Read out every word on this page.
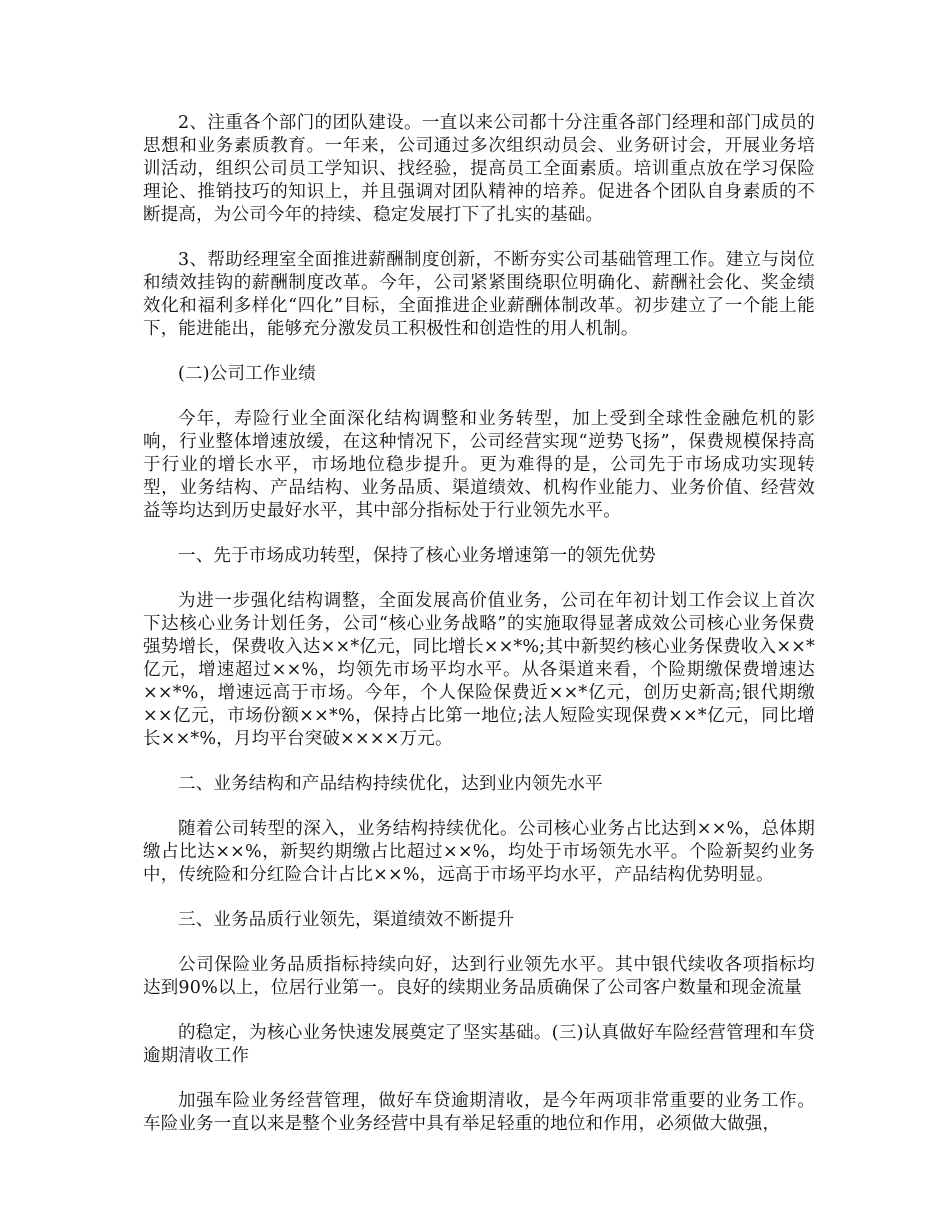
2、注重各个部门的团队建设。一直以来公司都十分注重各部门经理和部门成员的思想和业务素质教育。一年来，公司通过多次组织动员会、业务研讨会，开展业务培训活动，组织公司员工学知识、找经验，提高员工全面素质。培训重点放在学习保险理论、推销技巧的知识上，并且强调对团队精神的培养。促进各个团队自身素质的不断提高，为公司今年的持续、稳定发展打下了扎实的基础。

3、帮助经理室全面推进薪酬制度创新，不断夯实公司基础管理工作。建立与岗位和绩效挂钩的薪酬制度改革。今年，公司紧紧围绕职位明确化、薪酬社会化、奖金绩效化和福利多样化“四化”目标，全面推进企业薪酬体制改革。初步建立了一个能上能下，能进能出，能够充分激发员工积极性和创造性的用人机制。

(二)公司工作业绩

今年，寿险行业全面深化结构调整和业务转型，加上受到全球性金融危机的影响，行业整体增速放缓，在这种情况下，公司经营实现“逆势飞扬”，保费规模保持高于行业的增长水平，市场地位稳步提升。更为难得的是，公司先于市场成功实现转型，业务结构、产品结构、业务品质、渠道绩效、机构作业能力、业务价值、经营效益等均达到历史最好水平，其中部分指标处于行业领先水平。

一、先于市场成功转型，保持了核心业务增速第一的领先优势

为进一步强化结构调整，全面发展高价值业务，公司在年初计划工作会议上首次下达核心业务计划任务，公司“核心业务战略”的实施取得显著成效公司核心业务保费强势增长，保费收入达××*亿元，同比增长××*%;其中新契约核心业务保费收入××*亿元，增速超过××%，均领先市场平均水平。从各渠道来看，个险期缴保费增速达××*%，增速远高于市场。今年，个人保险保费近××*亿元，创历史新高;银代期缴××亿元，市场份额××*%，保持占比第一地位;法人短险实现保费××*亿元，同比增长××*%，月均平台突破××××万元。

二、业务结构和产品结构持续优化，达到业内领先水平

随着公司转型的深入，业务结构持续优化。公司核心业务占比达到××%，总体期缴占比达××%，新契约期缴占比超过××%，均处于市场领先水平。个险新契约业务中，传统险和分红险合计占比××%，远高于市场平均水平，产品结构优势明显。

三、业务品质行业领先，渠道绩效不断提升

公司保险业务品质指标持续向好，达到行业领先水平。其中银代续收各项指标均达到90%以上，位居行业第一。良好的续期业务品质确保了公司客户数量和现金流量

的稳定，为核心业务快速发展奠定了坚实基础。(三)认真做好车险经营管理和车贷逾期清收工作

加强车险业务经营管理，做好车贷逾期清收，是今年两项非常重要的业务工作。车险业务一直以来是整个业务经营中具有举足轻重的地位和作用，必须做大做强，
